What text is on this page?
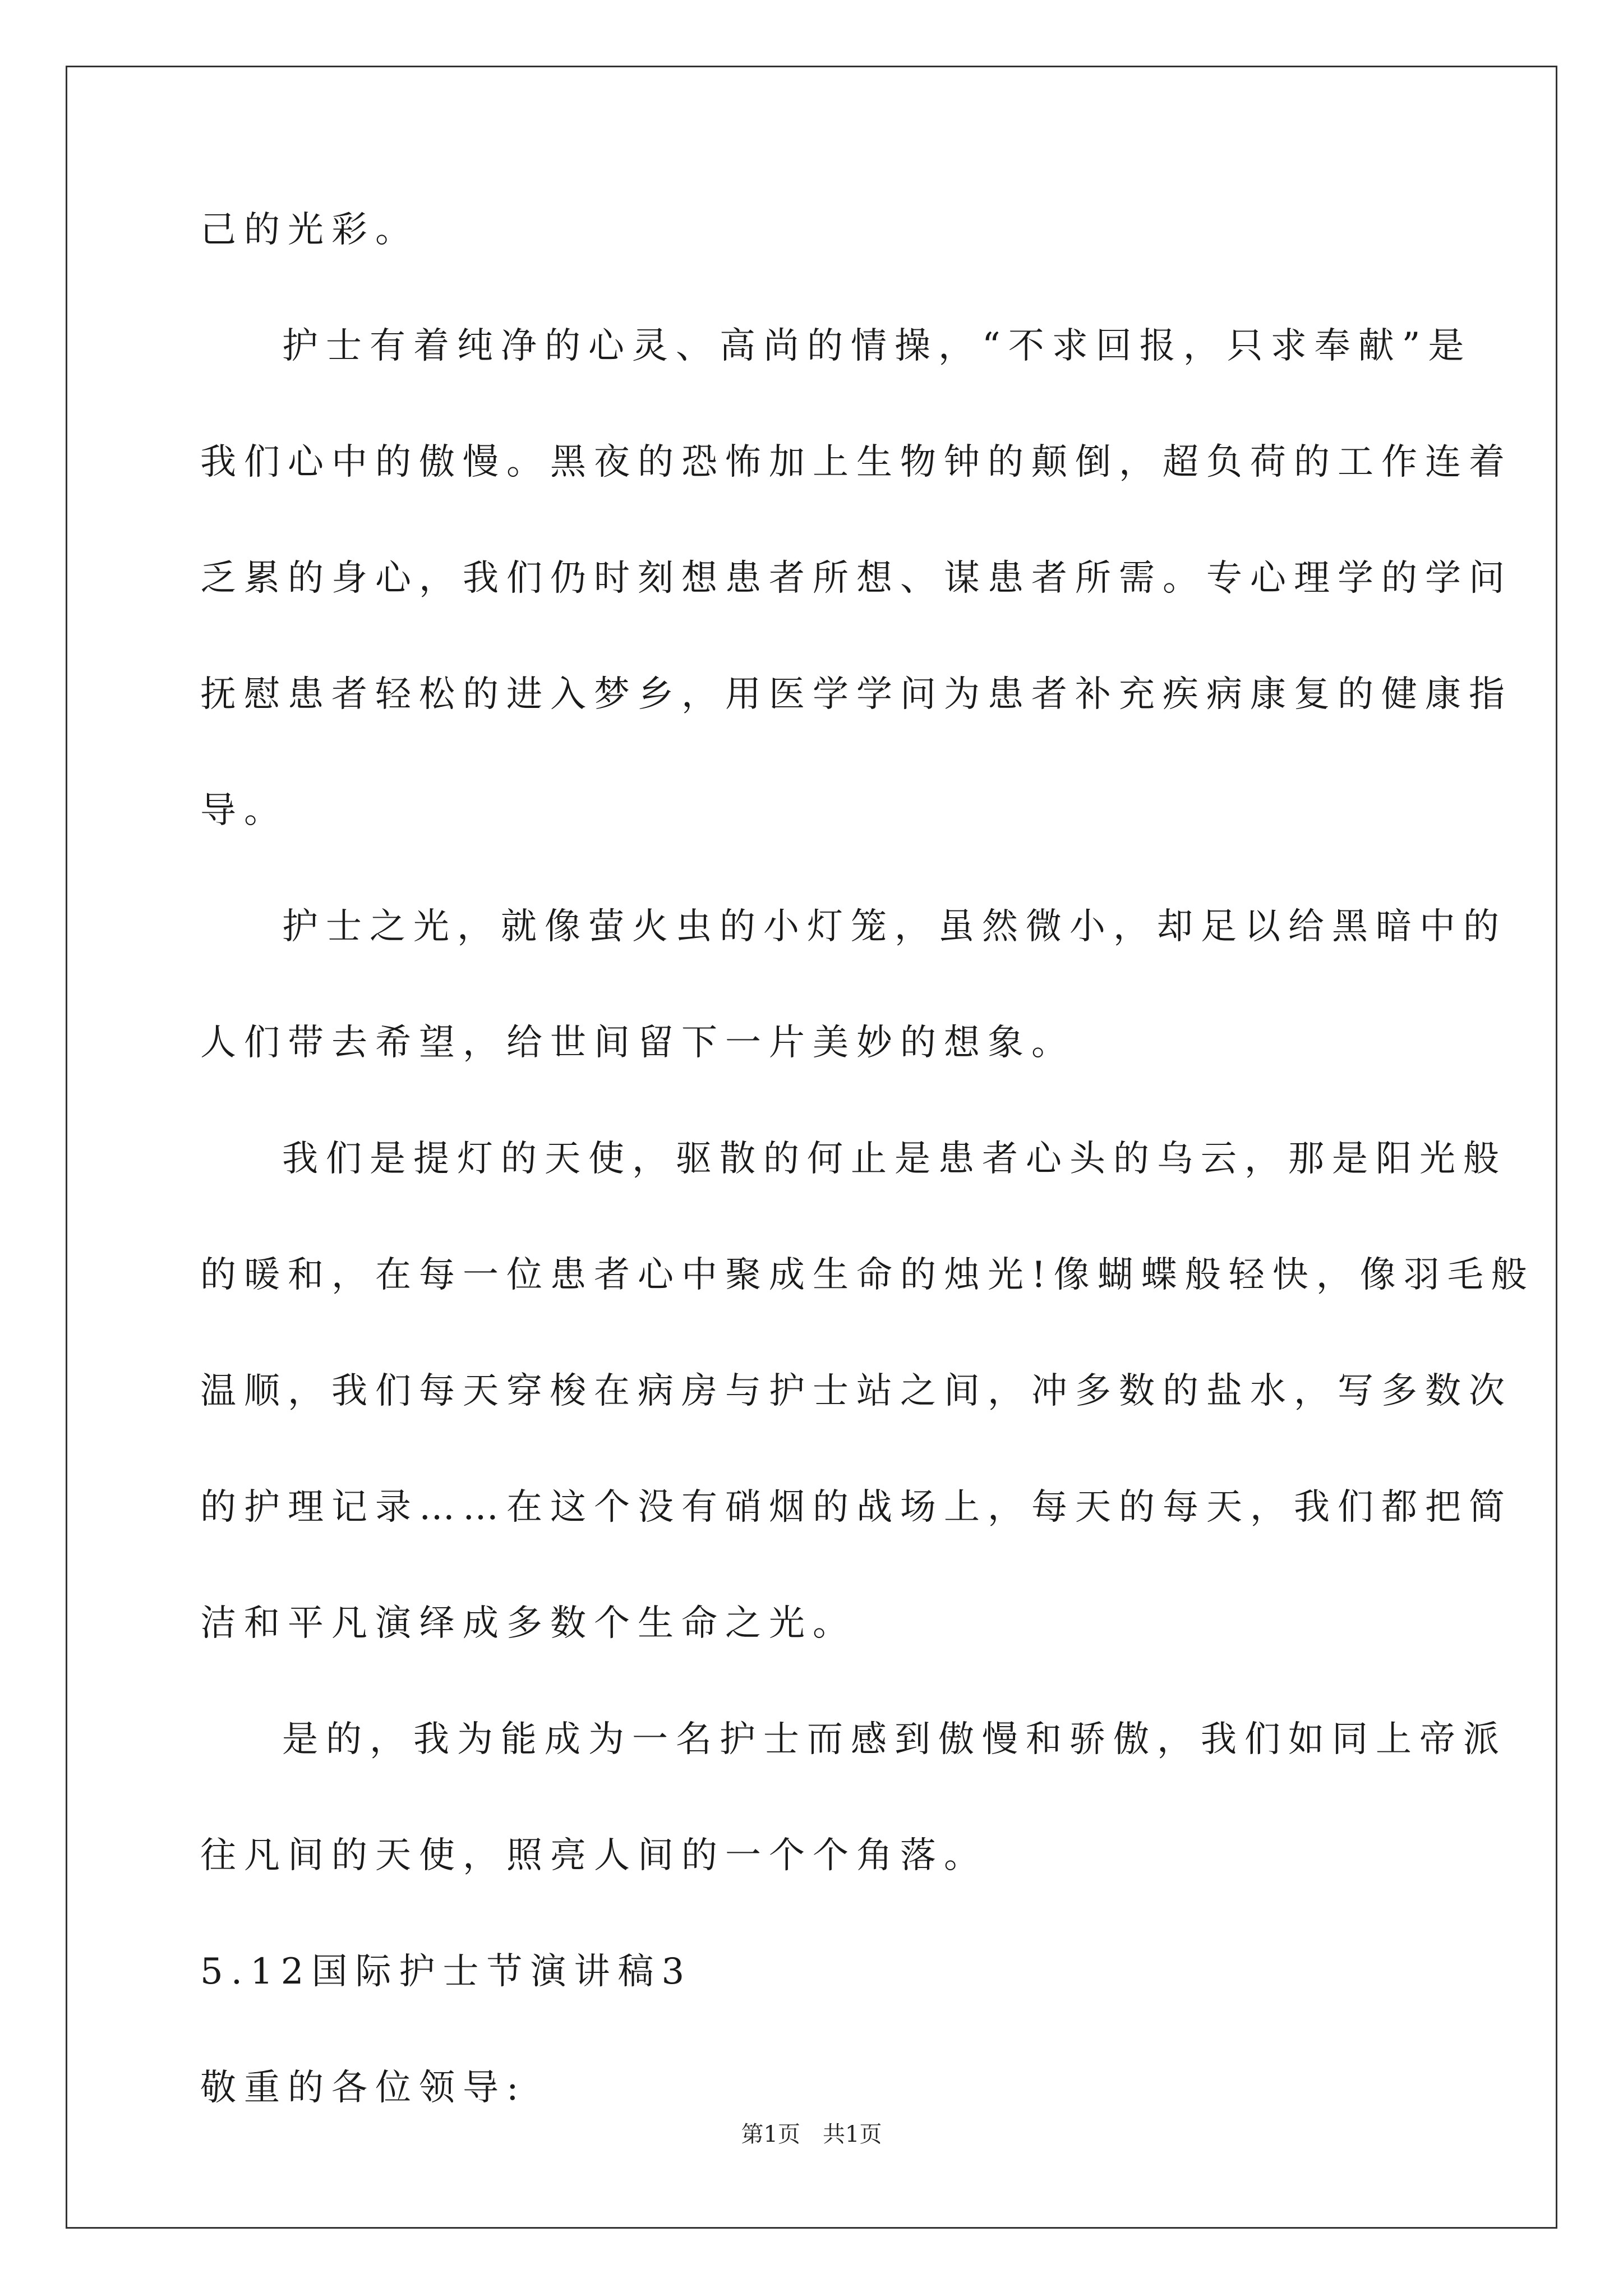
己的光彩。
护士有着纯净的心灵、高尚的情操，“不求回报，只求奉献”是
我们心中的傲慢。黑夜的恐怖加上生物钟的颠倒，超负荷的工作连着
乏累的身心，我们仍时刻想患者所想、谋患者所需。专心理学的学问
抚慰患者轻松的进入梦乡，用医学学问为患者补充疾病康复的健康指
导。
护士之光，就像萤火虫的小灯笼，虽然微小，却足以给黑暗中的
人们带去希望，给世间留下一片美妙的想象。
我们是提灯的天使，驱散的何止是患者心头的乌云，那是阳光般
的暖和，在每一位患者心中聚成生命的烛光!像蝴蝶般轻快，像羽毛般
温顺，我们每天穿梭在病房与护士站之间，冲多数的盐水，写多数次
的护理记录……在这个没有硝烟的战场上，每天的每天，我们都把简
洁和平凡演绎成多数个生命之光。
是的，我为能成为一名护士而感到傲慢和骄傲，我们如同上帝派
往凡间的天使，照亮人间的一个个角落。
5.12国际护士节演讲稿3
敬重的各位领导:
第1页　共1页
